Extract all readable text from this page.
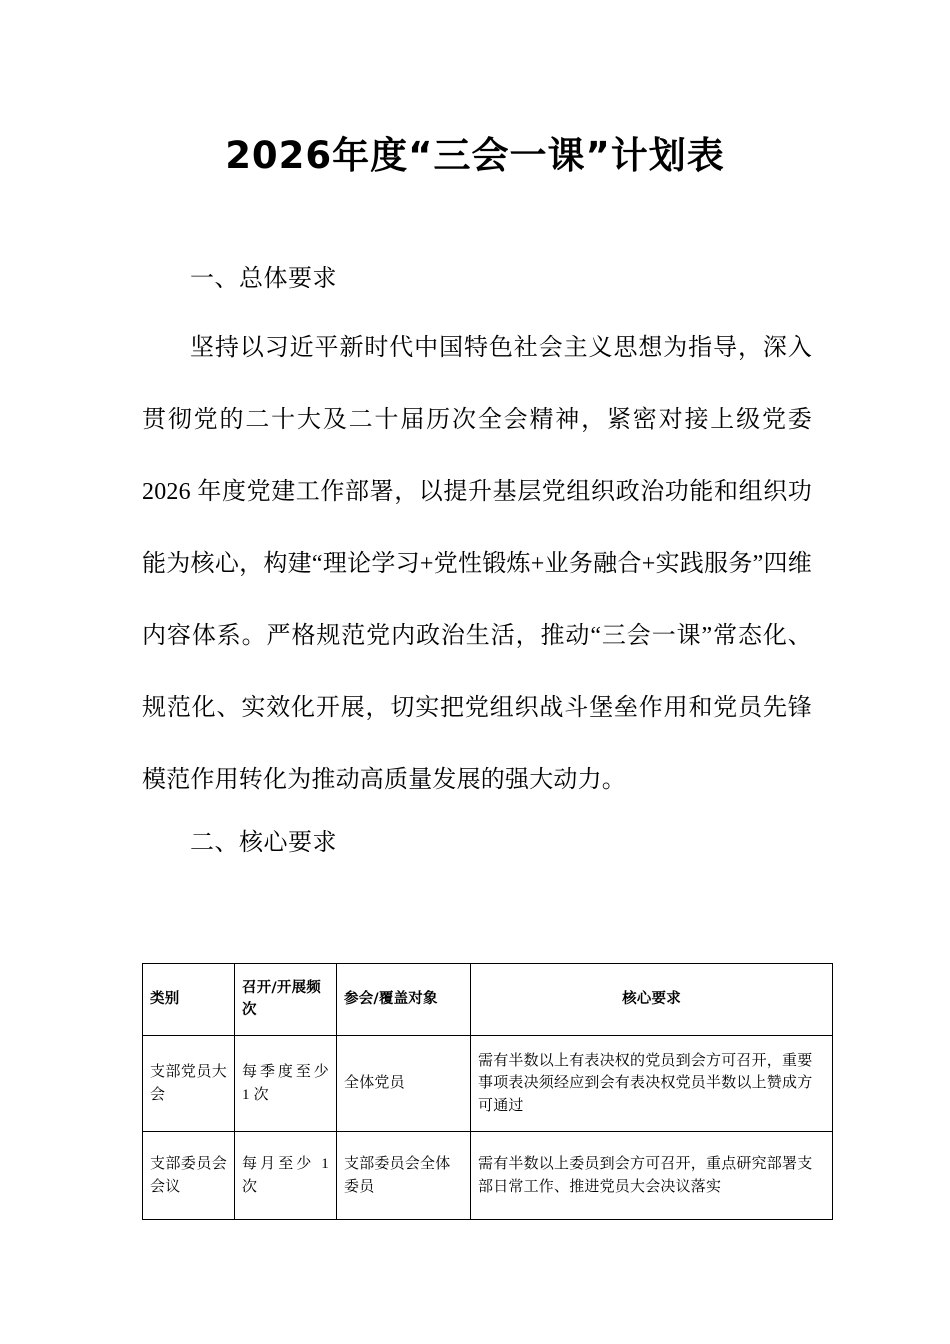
2026年度“三会一课”计划表

一、总体要求

坚持以习近平新时代中国特色社会主义思想为指导，深入贯彻党的二十大及二十届历次全会精神，紧密对接上级党委 2026 年度党建工作部署，以提升基层党组织政治功能和组织功能为核心，构建“理论学习+党性锻炼+业务融合+实践服务”四维内容体系。严格规范党内政治生活，推动“三会一课”常态化、规范化、实效化开展，切实把党组织战斗堡垒作用和党员先锋模范作用转化为推动高质量发展的强大动力。

二、核心要求

类别	召开/开展频次	参会/覆盖对象	核心要求
支部党员大会	每季度至少 1 次	全体党员	需有半数以上有表决权的党员到会方可召开，重要事项表决须经应到会有表决权党员半数以上赞成方可通过
支部委员会会议	每月至少 1 次	支部委员会全体委员	需有半数以上委员到会方可召开，重点研究部署支部日常工作、推进党员大会决议落实
